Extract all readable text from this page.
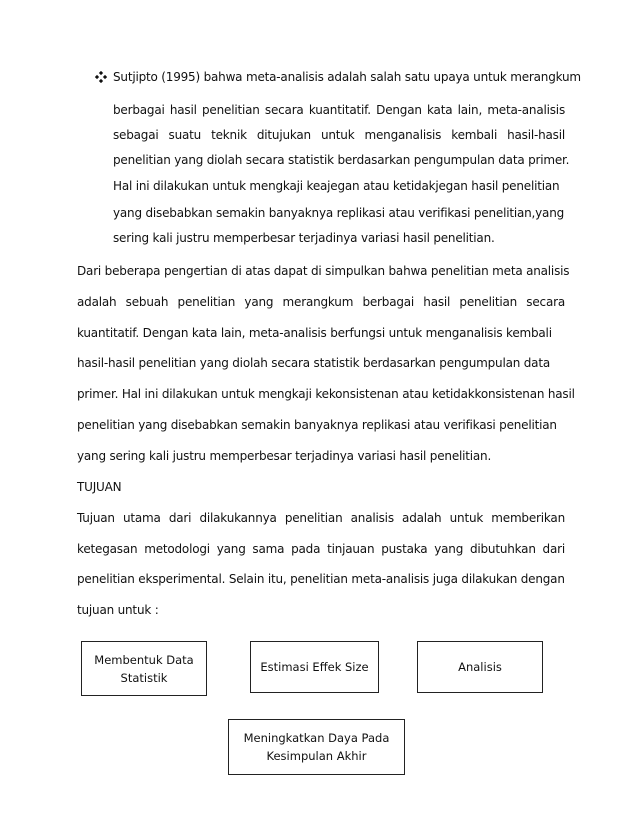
Sutjipto (1995) bahwa meta-analisis adalah salah satu upaya untuk merangkum
berbagai hasil penelitian secara kuantitatif. Dengan kata lain, meta-analisis
sebagai suatu teknik ditujukan untuk menganalisis kembali hasil-hasil
penelitian yang diolah secara statistik berdasarkan pengumpulan data primer.
Hal ini dilakukan untuk mengkaji keajegan atau ketidakjegan hasil penelitian
yang disebabkan semakin banyaknya replikasi atau verifikasi penelitian,yang
sering kali justru memperbesar terjadinya variasi hasil penelitian.
Dari beberapa pengertian di atas dapat di simpulkan bahwa penelitian meta analisis
adalah sebuah penelitian yang merangkum berbagai hasil penelitian secara
kuantitatif. Dengan kata lain, meta-analisis berfungsi untuk menganalisis kembali
hasil-hasil penelitian yang diolah secara statistik berdasarkan pengumpulan data
primer. Hal ini dilakukan untuk mengkaji kekonsistenan atau ketidakkonsistenan hasil
penelitian yang disebabkan semakin banyaknya replikasi atau verifikasi penelitian
yang sering kali justru memperbesar terjadinya variasi hasil penelitian.
TUJUAN
Tujuan utama dari dilakukannya penelitian analisis adalah untuk memberikan
ketegasan metodologi yang sama pada tinjauan pustaka yang dibutuhkan dari
penelitian eksperimental. Selain itu, penelitian meta-analisis juga dilakukan dengan
tujuan untuk :
Membentuk Data
Statistik
Estimasi Effek Size	Analisis
Meningkatkan Daya Pada
Kesimpulan Akhir
